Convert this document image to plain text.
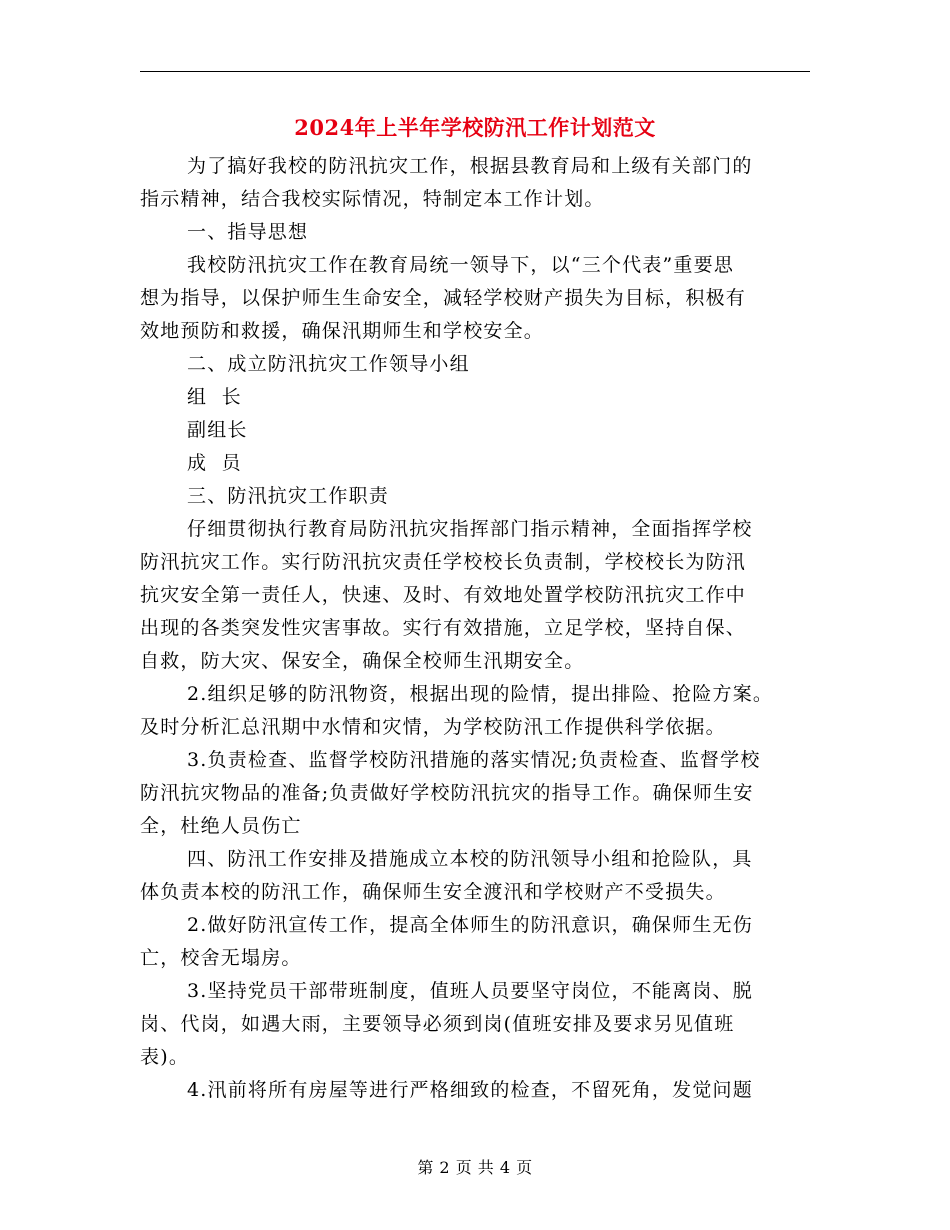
2024年上半年学校防汛工作计划范文
为了搞好我校的防汛抗灾工作，根据县教育局和上级有关部门的
指示精神，结合我校实际情况，特制定本工作计划。
一、指导思想
我校防汛抗灾工作在教育局统一领导下，以“三个代表”重要思
想为指导，以保护师生生命安全，减轻学校财产损失为目标，积极有
效地预防和救援，确保汛期师生和学校安全。
二、成立防汛抗灾工作领导小组
组  长
副组长
成  员
三、防汛抗灾工作职责
仔细贯彻执行教育局防汛抗灾指挥部门指示精神，全面指挥学校
防汛抗灾工作。实行防汛抗灾责任学校校长负责制，学校校长为防汛
抗灾安全第一责任人，快速、及时、有效地处置学校防汛抗灾工作中
出现的各类突发性灾害事故。实行有效措施，立足学校，坚持自保、
自救，防大灾、保安全，确保全校师生汛期安全。
2.组织足够的防汛物资，根据出现的险情，提出排险、抢险方案。
及时分析汇总汛期中水情和灾情，为学校防汛工作提供科学依据。
3.负责检查、监督学校防汛措施的落实情况;负责检查、监督学校
防汛抗灾物品的准备;负责做好学校防汛抗灾的指导工作。确保师生安
全，杜绝人员伤亡
四、防汛工作安排及措施成立本校的防汛领导小组和抢险队，具
体负责本校的防汛工作，确保师生安全渡汛和学校财产不受损失。
2.做好防汛宣传工作，提高全体师生的防汛意识，确保师生无伤
亡，校舍无塌房。
3.坚持党员干部带班制度，值班人员要坚守岗位，不能离岗、脱
岗、代岗，如遇大雨，主要领导必须到岗(值班安排及要求另见值班
表)。
4.汛前将所有房屋等进行严格细致的检查，不留死角，发觉问题
第 2 页 共 4 页
